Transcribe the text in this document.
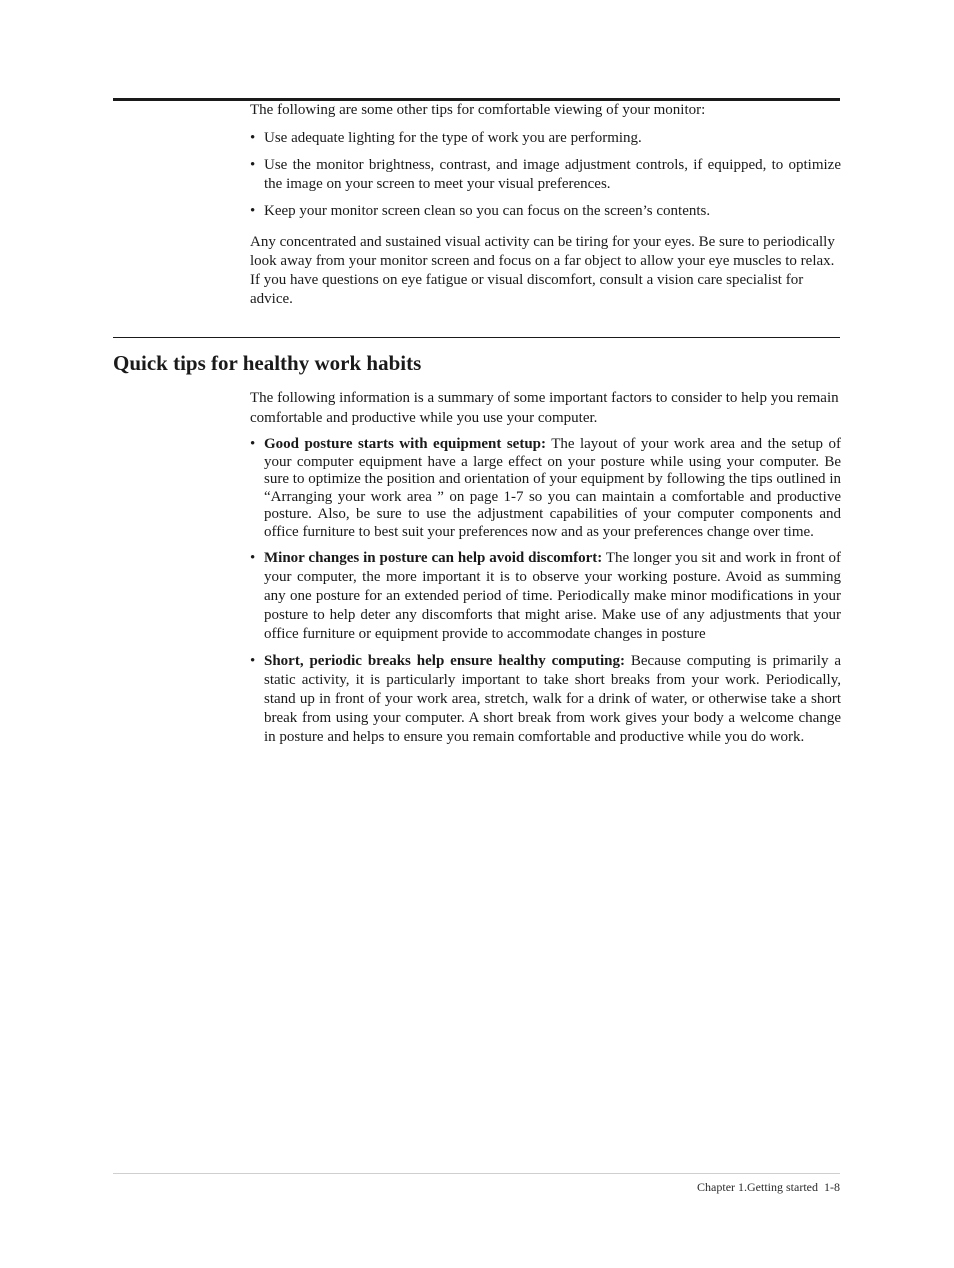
The following are some other tips for comfortable viewing of your monitor:

• Use adequate lighting for the type of work you are performing.
• Use the monitor brightness, contrast, and image adjustment controls, if equipped, to optimize the image on your screen to meet your visual preferences.
• Keep your monitor screen clean so you can focus on the screen’s contents.

Any concentrated and sustained visual activity can be tiring for your eyes. Be sure to periodically look away from your monitor screen and focus on a far object to allow your eye muscles to relax. If you have questions on eye fatigue or visual discomfort, consult a vision care specialist for advice.

Quick tips for healthy work habits

The following information is a summary of some important factors to consider to help you remain comfortable and productive while you use your computer.

• Good posture starts with equipment setup: The layout of your work area and the setup of your computer equipment have a large effect on your posture while using your computer. Be sure to optimize the position and orientation of your equipment by following the tips outlined in “Arranging your work area ” on page 1-7 so you can maintain a comfortable and productive posture. Also, be sure to use the adjustment capabilities of your computer components and office furniture to best suit your preferences now and as your preferences change over time.
• Minor changes in posture can help avoid discomfort: The longer you sit and work in front of your computer, the more important it is to observe your working posture. Avoid as summing any one posture for an extended period of time. Periodically make minor modifications in your posture to help deter any discomforts that might arise. Make use of any adjustments that your office furniture or equipment provide to accommodate changes in posture
• Short, periodic breaks help ensure healthy computing: Because computing is primarily a static activity, it is particularly important to take short breaks from your work. Periodically, stand up in front of your work area, stretch, walk for a drink of water, or otherwise take a short break from using your computer. A short break from work gives your body a welcome change in posture and helps to ensure you remain comfortable and productive while you do work.
Chapter 1.Getting started 1-8
